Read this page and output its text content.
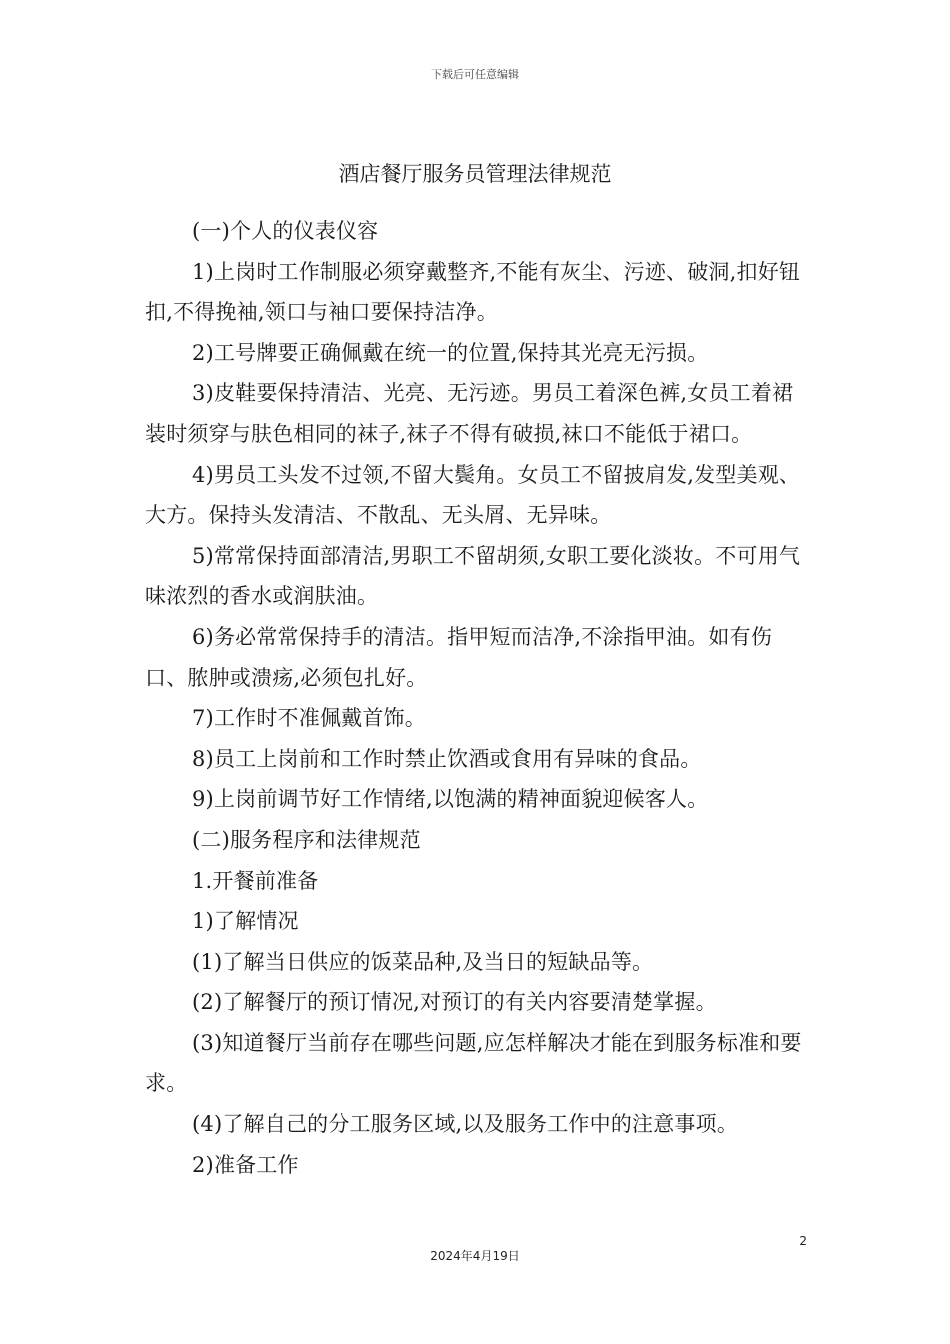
下载后可任意编辑
酒店餐厅服务员管理法律规范

(一)个人的仪表仪容

1)上岗时工作制服必须穿戴整齐,不能有灰尘、污迹、破洞,扣好钮扣,不得挽袖,领口与袖口要保持洁净。

2)工号牌要正确佩戴在统一的位置,保持其光亮无污损。

3)皮鞋要保持清洁、光亮、无污迹。男员工着深色裤,女员工着裙装时须穿与肤色相同的袜子,袜子不得有破损,袜口不能低于裙口。

4)男员工头发不过领,不留大鬓角。女员工不留披肩发,发型美观、大方。保持头发清洁、不散乱、无头屑、无异味。

5)常常保持面部清洁,男职工不留胡须,女职工要化淡妆。不可用气味浓烈的香水或润肤油。

6)务必常常保持手的清洁。指甲短而洁净,不涂指甲油。如有伤口、脓肿或溃疡,必须包扎好。

7)工作时不准佩戴首饰。

8)员工上岗前和工作时禁止饮酒或食用有异味的食品。

9)上岗前调节好工作情绪,以饱满的精神面貌迎候客人。

(二)服务程序和法律规范

1.开餐前准备

1)了解情况

(1)了解当日供应的饭菜品种,及当日的短缺品等。

(2)了解餐厅的预订情况,对预订的有关内容要清楚掌握。

(3)知道餐厅当前存在哪些问题,应怎样解决才能在到服务标准和要求。

(4)了解自己的分工服务区域,以及服务工作中的注意事项。

2)准备工作

2
2024年4月19日
